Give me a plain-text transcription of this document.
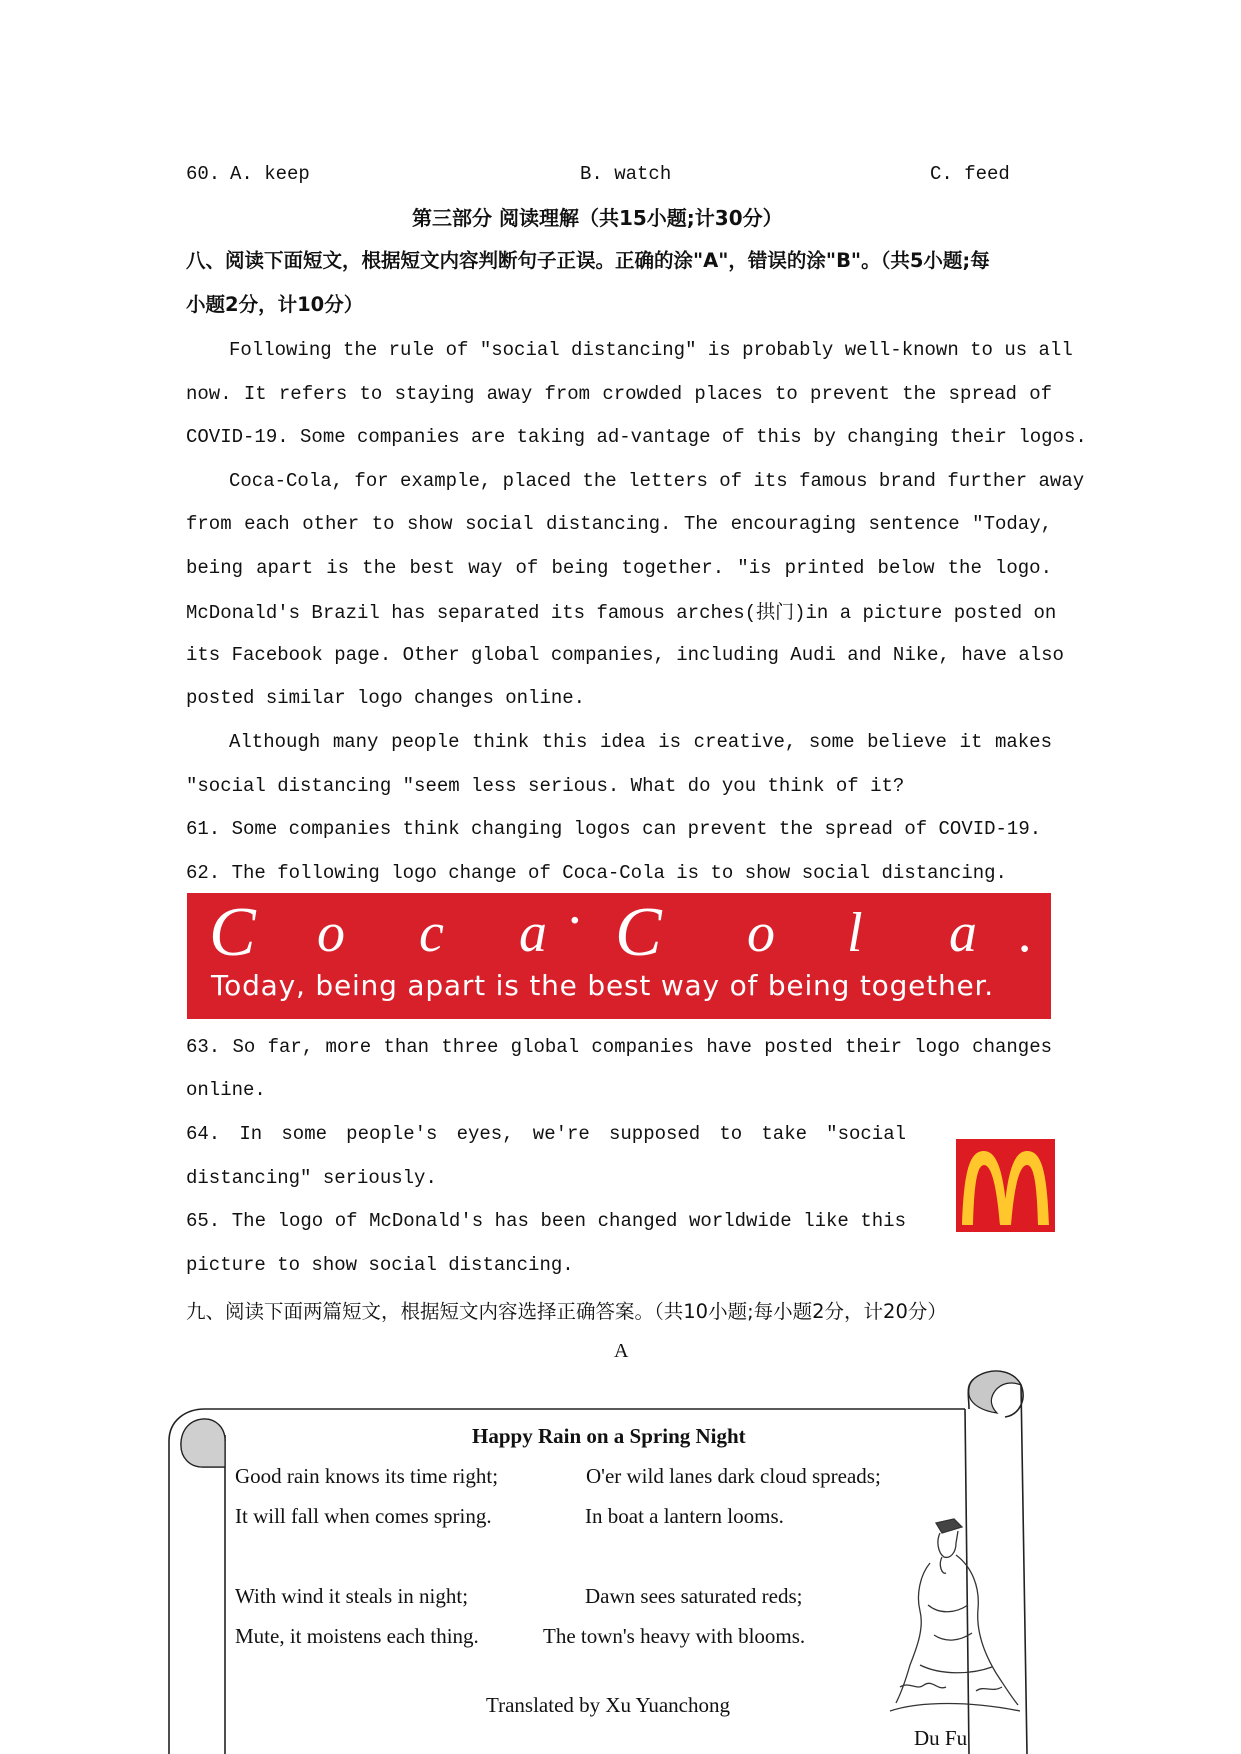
60. A. keep	B. watch	C. feed
第三部分 阅读理解（共15小题;计30分）
八、阅读下面短文，根据短文内容判断句子正误。正确的涂"A"，错误的涂"B"。（共5小题;每
小题2分，计10分）
Following the rule of "social distancing" is probably well-known to us all
now. It refers to staying away from crowded places to prevent the spread of
COVID-19. Some companies are taking ad-vantage of this by changing their logos.
Coca-Cola, for example, placed the letters of its famous brand further away
from each other to show social distancing. The encouraging sentence "Today,
being apart is the best way of being together. "is printed below the logo.
McDonald's Brazil has separated its famous arches(拱门)in a picture posted on
its Facebook page. Other global companies, including Audi and Nike, have also
posted similar logo changes online.
Although many people think this idea is creative, some believe it makes
"social distancing "seem less serious. What do you think of it?
61. Some companies think changing logos can prevent the spread of COVID-19.
62. The following logo change of Coca-Cola is to show social distancing.
C o c a · C o l a .
Today, being apart is the best way of being together.
63. So far, more than three global companies have posted their logo changes
online.
64. In some people's eyes, we're supposed to take "social
distancing" seriously.
65. The logo of McDonald's has been changed worldwide like this
picture to show social distancing.
九、阅读下面两篇短文，根据短文内容选择正确答案。（共10小题;每小题2分，计20分）
A
Happy Rain on a Spring Night
Good rain knows its time right;
It will fall when comes spring.
With wind it steals in night;
Mute, it moistens each thing.
O'er wild lanes dark cloud spreads;
In boat a lantern looms.
Dawn sees saturated reds;
The town's heavy with blooms.
Translated by Xu Yuanchong
Du Fu
